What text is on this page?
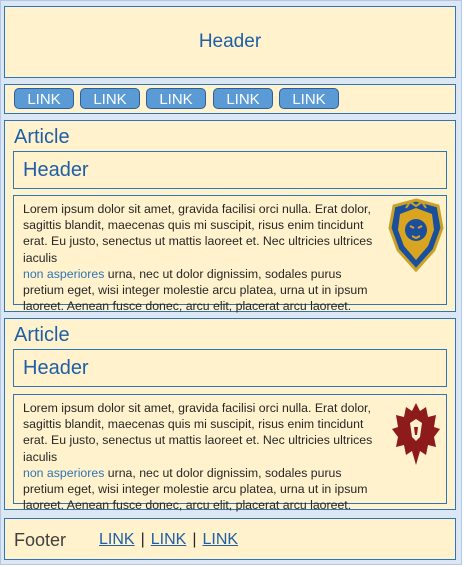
Header
LINK	LINK	LINK	LINK	LINK
Article
Header
Lorem ipsum dolor sit amet, gravida facilisi orci nulla. Erat dolor, sagittis blandit, maecenas quis mi suscipit, risus enim tincidunt erat. Eu justo, senectus ut mattis laoreet et. Nec ultricies ultrices iaculis
non asperiores urna, nec ut dolor dignissim, sodales purus pretium eget, wisi integer molestie arcu platea, urna ut in ipsum laoreet. Aenean fusce donec, arcu elit, placerat arcu laoreet.
Article
Header
Lorem ipsum dolor sit amet, gravida facilisi orci nulla. Erat dolor, sagittis blandit, maecenas quis mi suscipit, risus enim tincidunt erat. Eu justo, senectus ut mattis laoreet et. Nec ultricies ultrices iaculis
non asperiores urna, nec ut dolor dignissim, sodales purus pretium eget, wisi integer molestie arcu platea, urna ut in ipsum laoreet. Aenean fusce donec, arcu elit, placerat arcu laoreet.
Footer LINK | LINK | LINK
